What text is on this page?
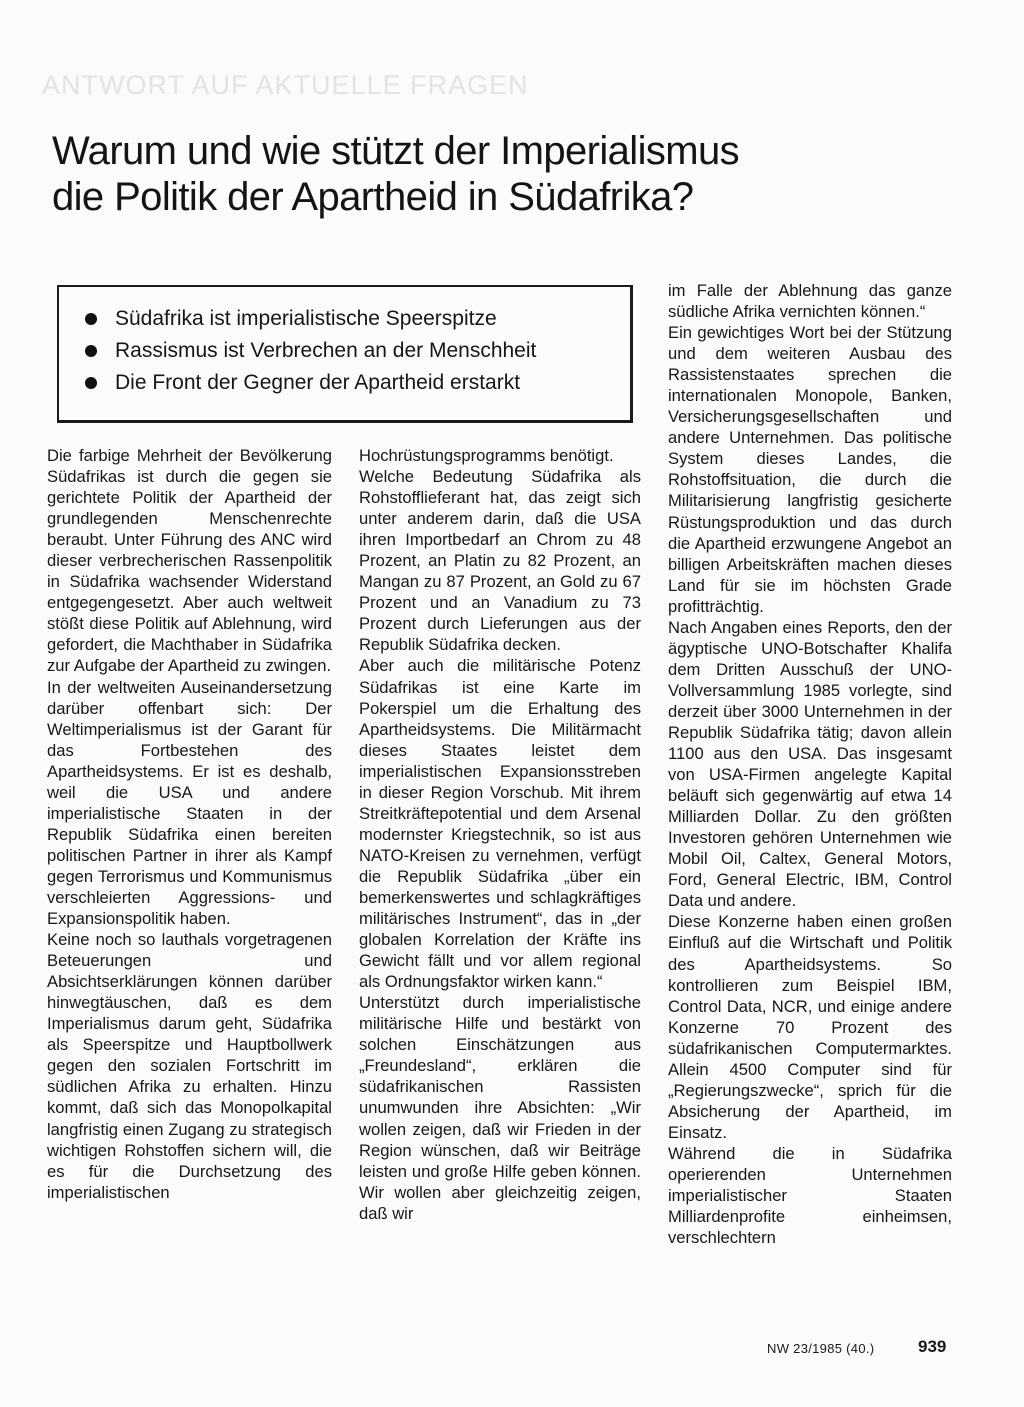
ANTWORT AUF AKTUELLE FRAGEN
Warum und wie stützt der Imperialismus
die Politik der Apartheid in Südafrika?
Südafrika ist imperialistische Speerspitze
Rassismus ist Verbrechen an der Menschheit
Die Front der Gegner der Apartheid erstarkt

Die farbige Mehrheit der Bevölkerung Südafrikas ist durch die gegen sie gerichtete Politik der Apartheid der grundlegenden Menschenrechte beraubt. Unter Führung des ANC wird dieser verbrecherischen Rassenpolitik in Südafrika wachsender Widerstand entgegengesetzt. Aber auch weltweit stößt diese Politik auf Ablehnung, wird gefordert, die Machthaber in Südafrika zur Aufgabe der Apartheid zu zwingen.

In der weltweiten Auseinandersetzung darüber offenbart sich: Der Weltimperialismus ist der Garant für das Fortbestehen des Apartheidsystems. Er ist es deshalb, weil die USA und andere imperialistische Staaten in der Republik Südafrika einen bereiten politischen Partner in ihrer als Kampf gegen Terrorismus und Kommunismus verschleierten Aggressions- und Expansionspolitik haben.

Keine noch so lauthals vorgetragenen Beteuerungen und Absichtserklärungen können darüber hinwegtäuschen, daß es dem Imperialismus darum geht, Südafrika als Speerspitze und Hauptbollwerk gegen den sozialen Fortschritt im südlichen Afrika zu erhalten. Hinzu kommt, daß sich das Monopolkapital langfristig einen Zugang zu strategisch wichtigen Rohstoffen sichern will, die es für die Durchsetzung des imperialistischen

Hochrüstungsprogramms benötigt.

Welche Bedeutung Südafrika als Rohstofflieferant hat, das zeigt sich unter anderem darin, daß die USA ihren Importbedarf an Chrom zu 48 Prozent, an Platin zu 82 Prozent, an Mangan zu 87 Prozent, an Gold zu 67 Prozent und an Vanadium zu 73 Prozent durch Lieferungen aus der Republik Südafrika decken.

Aber auch die militärische Potenz Südafrikas ist eine Karte im Pokerspiel um die Erhaltung des Apartheidsystems. Die Militärmacht dieses Staates leistet dem imperialistischen Expansionsstreben in dieser Region Vorschub. Mit ihrem Streitkräftepotential und dem Arsenal modernster Kriegstechnik, so ist aus NATO-Kreisen zu vernehmen, verfügt die Republik Südafrika „über ein bemerkenswertes und schlagkräftiges militärisches Instrument“, das in „der globalen Korrelation der Kräfte ins Gewicht fällt und vor allem regional als Ordnungsfaktor wirken kann.“

Unterstützt durch imperialistische militärische Hilfe und bestärkt von solchen Einschätzungen aus „Freundesland“, erklären die südafrikanischen Rassisten unumwunden ihre Absichten: „Wir wollen zeigen, daß wir Frieden in der Region wünschen, daß wir Beiträge leisten und große Hilfe geben können. Wir wollen aber gleichzeitig zeigen, daß wir

im Falle der Ablehnung das ganze südliche Afrika vernichten können.“

Ein gewichtiges Wort bei der Stützung und dem weiteren Ausbau des Rassistenstaates sprechen die internationalen Monopole, Banken, Versicherungsgesellschaften und andere Unternehmen. Das politische System dieses Landes, die Rohstoffsituation, die durch die Militarisierung langfristig gesicherte Rüstungsproduktion und das durch die Apartheid erzwungene Angebot an billigen Arbeitskräften machen dieses Land für sie im höchsten Grade profitträchtig.

Nach Angaben eines Reports, den der ägyptische UNO-Botschafter Khalifa dem Dritten Ausschuß der UNO-Vollversammlung 1985 vorlegte, sind derzeit über 3000 Unternehmen in der Republik Südafrika tätig; davon allein 1100 aus den USA. Das insgesamt von USA-Firmen angelegte Kapital beläuft sich gegenwärtig auf etwa 14 Milliarden Dollar. Zu den größten Investoren gehören Unternehmen wie Mobil Oil, Caltex, General Motors, Ford, General Electric, IBM, Control Data und andere.

Diese Konzerne haben einen großen Einfluß auf die Wirtschaft und Politik des Apartheidsystems. So kontrollieren zum Beispiel IBM, Control Data, NCR, und einige andere Konzerne 70 Prozent des südafrikanischen Computermarktes. Allein 4500 Computer sind für „Regierungszwecke“, sprich für die Absicherung der Apartheid, im Einsatz.

Während die in Südafrika operierenden Unternehmen imperialistischer Staaten Milliardenprofite einheimsen, verschlechtern

NW 23/1985 (40.)	939
